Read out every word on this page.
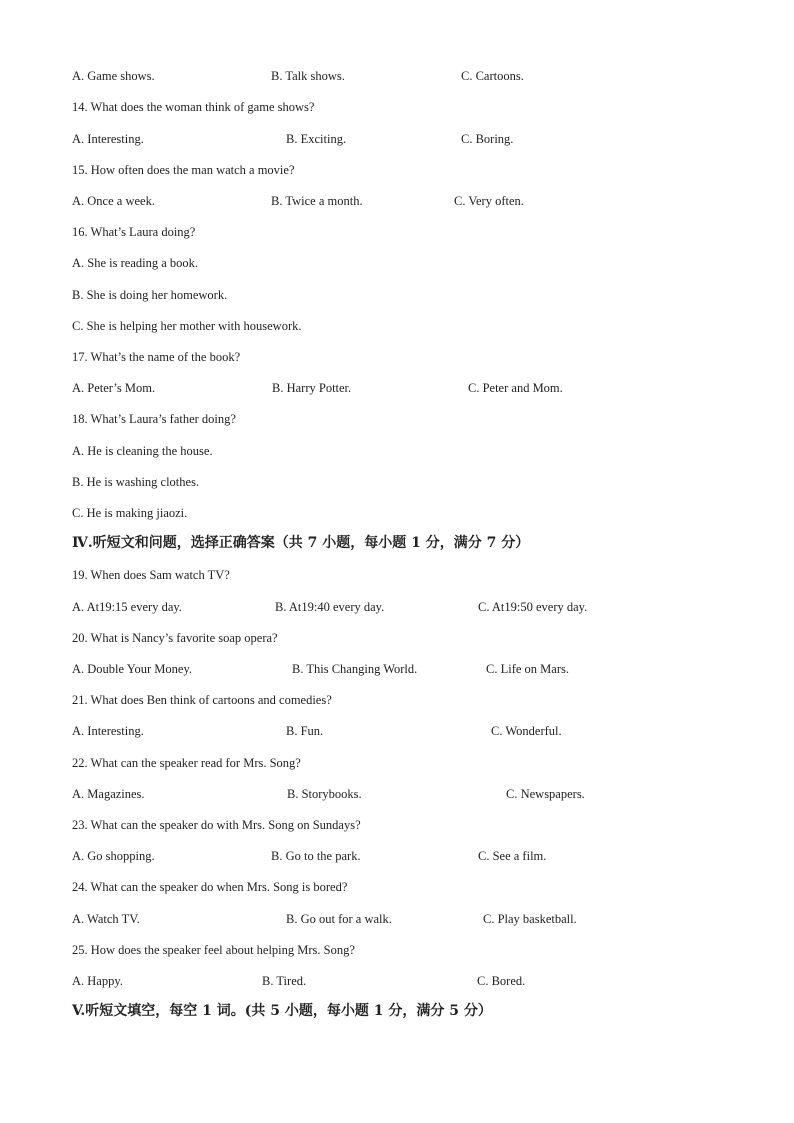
A. Game shows.	B. Talk shows.	C. Cartoons.
14. What does the woman think of game shows?
A. Interesting.	B. Exciting.	C. Boring.
15. How often does the man watch a movie?
A. Once a week.	B. Twice a month.	C. Very often.
16. What’s Laura doing?
A. She is reading a book.
B. She is doing her homework.
C. She is helping her mother with housework.
17. What’s the name of the book?
A. Peter’s Mom.	B. Harry Potter.	C. Peter and Mom.
18. What’s Laura’s father doing?
A. He is cleaning the house.
B. He is washing clothes.
C. He is making jiaozi.
Ⅳ.听短文和问题，选择正确答案（共 7 小题，每小题 1 分，满分 7 分）
19. When does Sam watch TV?
A. At19:15 every day.	B. At19:40 every day.	C. At19:50 every day.
20. What is Nancy’s favorite soap opera?
A. Double Your Money.	B. This Changing World.	C. Life on Mars.
21. What does Ben think of cartoons and comedies?
A. Interesting.	B. Fun.	C. Wonderful.
22. What can the speaker read for Mrs. Song?
A. Magazines.	B. Storybooks.	C. Newspapers.
23. What can the speaker do with Mrs. Song on Sundays?
A. Go shopping.	B. Go to the park.	C. See a film.
24. What can the speaker do when Mrs. Song is bored?
A. Watch TV.	B. Go out for a walk.	C. Play basketball.
25. How does the speaker feel about helping Mrs. Song?
A. Happy.	B. Tired.	C. Bored.
V.听短文填空，每空 1 词。(共 5 小题，每小题 1 分，满分 5 分）
